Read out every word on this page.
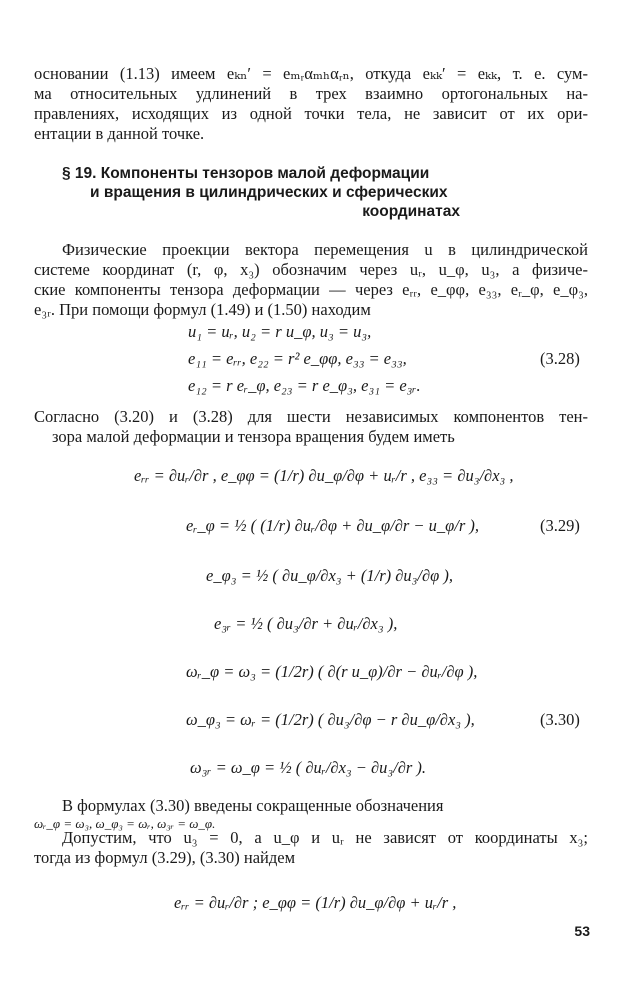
основании (1.13) имеем eₖₙ′ = eₘᵣαₘₕαᵣₙ, откуда eₖₖ′ = eₖₖ, т. е. сум-
ма относительных удлинений в трех взаимно ортогональных на-
правлениях, исходящих из одной точки тела, не зависит от их ори-
ентации в данной точке.
§ 19. Компоненты тензоров малой деформации
и вращения в цилиндрических и сферических
координатах
Физические проекции вектора перемещения u в цилиндрической
системе координат (r, φ, x₃) обозначим через uᵣ, u_φ, u₃, а физиче-
ские компоненты тензора деформации — через eᵣᵣ, e_φφ, e₃₃, eᵣ_φ, e_φ₃,
e₃ᵣ. При помощи формул (1.49) и (1.50) находим
u₁ = uᵣ, u₂ = r u_φ, u₃ = u₃,
e₁₁ = eᵣᵣ, e₂₂ = r² e_φφ, e₃₃ = e₃₃,
e₁₂ = r eᵣ_φ, e₂₃ = r e_φ₃, e₃₁ = e₃ᵣ.
(3.28)
Согласно (3.20) и (3.28) для шести независимых компонентов тен-
зора малой деформации и тензора вращения будем иметь
eᵣᵣ = ∂uᵣ/∂r , e_φφ = (1/r) ∂u_φ/∂φ + uᵣ/r , e₃₃ = ∂u₃/∂x₃ ,
eᵣ_φ = ½ ( (1/r) ∂uᵣ/∂φ + ∂u_φ/∂r − u_φ/r ),	(3.29)
e_φ₃ = ½ ( ∂u_φ/∂x₃ + (1/r) ∂u₃/∂φ ),
e₃ᵣ = ½ ( ∂u₃/∂r + ∂uᵣ/∂x₃ ),
ωᵣ_φ = ω₃ = (1/2r) ( ∂(r u_φ)/∂r − ∂uᵣ/∂φ ),
ω_φ₃ = ωᵣ = (1/2r) ( ∂u₃/∂φ − r ∂u_φ/∂x₃ ),	(3.30)
ω₃ᵣ = ω_φ = ½ ( ∂uᵣ/∂x₃ − ∂u₃/∂r ).
В формулах (3.30) введены сокращенные обозначения
ωᵣ_φ = ω₃, ω_φ₃ = ωᵣ, ω₃ᵣ = ω_φ.
Допустим, что u₃ = 0, а u_φ и uᵣ не зависят от координаты x₃;
тогда из формул (3.29), (3.30) найдем
eᵣᵣ = ∂uᵣ/∂r ; e_φφ = (1/r) ∂u_φ/∂φ + uᵣ/r ,
53
